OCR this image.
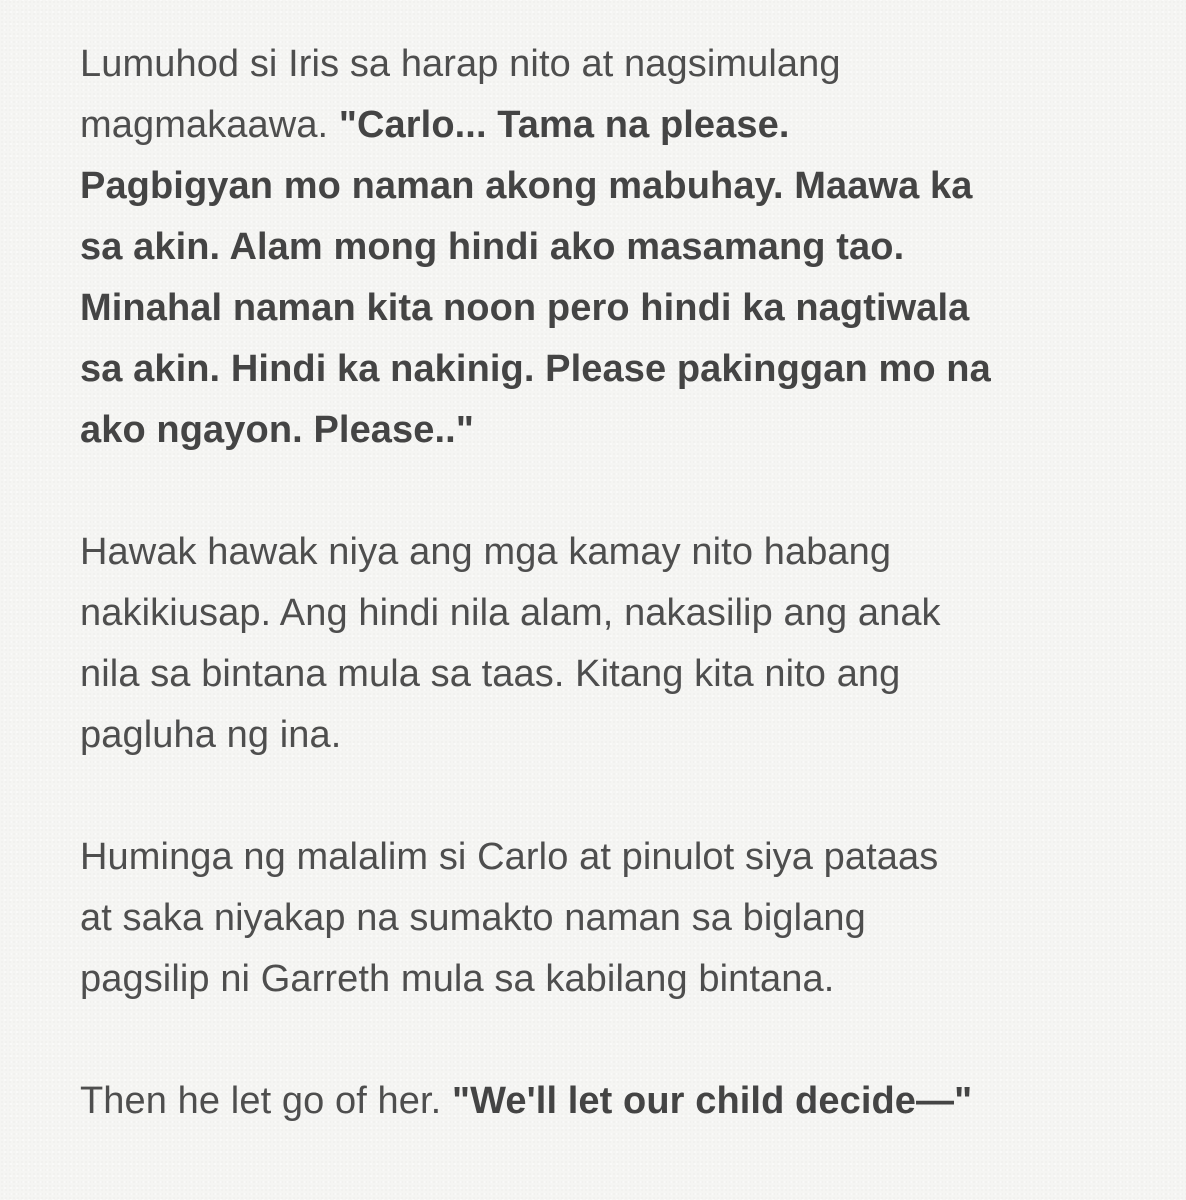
Lumuhod si Iris sa harap nito at nagsimulang
magmakaawa. "Carlo... Tama na please.
Pagbigyan mo naman akong mabuhay. Maawa ka
sa akin. Alam mong hindi ako masamang tao.
Minahal naman kita noon pero hindi ka nagtiwala
sa akin. Hindi ka nakinig. Please pakinggan mo na
ako ngayon. Please.."

Hawak hawak niya ang mga kamay nito habang
nakikiusap. Ang hindi nila alam, nakasilip ang anak
nila sa bintana mula sa taas. Kitang kita nito ang
pagluha ng ina.

Huminga ng malalim si Carlo at pinulot siya pataas
at saka niyakap na sumakto naman sa biglang
pagsilip ni Garreth mula sa kabilang bintana.

Then he let go of her. "We'll let our child decide—"
